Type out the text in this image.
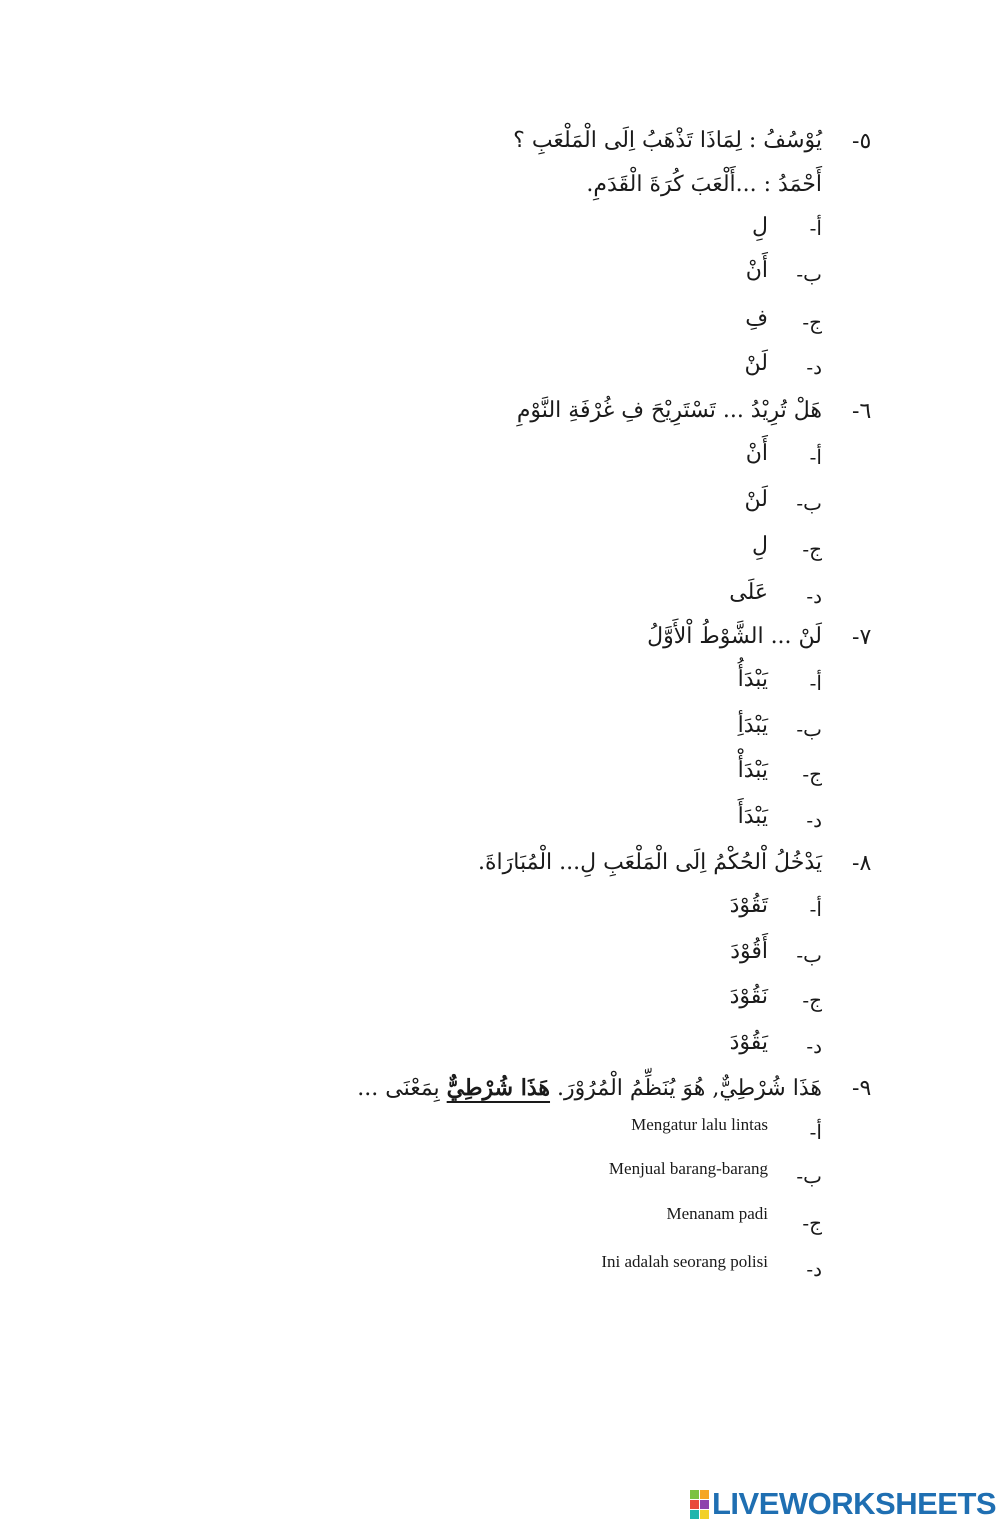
٥-
يُوْسُفُ : لِمَاذَا تَذْهَبُ اِلَى الْمَلْعَبِ ؟
أَحْمَدُ : ...أَلْعَبَ كُرَةَ الْقَدَمِ.
أ-
لِ
ب-
أَنْ
ج-
فِ
د-
لَنْ
٦-
هَلْ تُرِيْدُ ... تَسْتَرِيْحَ فِ غُرْفَةِ النَّوْمِ
أ-
أَنْ
ب-
لَنْ
ج-
لِ
د-
عَلَى
٧-
لَنْ ... الشَّوْطُ اْلأَوَّلُ
أ-
يَبْدَأُ
ب-
يَبْدَأِ
ج-
يَبْدَأْ
د-
يَبْدَأَ
٨-
يَدْخُلُ اْلحُكْمُ اِلَى الْمَلْعَبِ لِ... الْمُبَارَاةَ.
أ-
تَقُوْدَ
ب-
أَقُوْدَ
ج-
نَقُوْدَ
د-
يَقُوْدَ
٩-
هَذَا شُرْطِيٌّ, هُوَ يُنَظِّمُ الْمُرُوْرَ. هَذَا شُرْطِيٌّ بِمَعْنَى ...
أ-
Mengatur lalu lintas
ب-
Menjual barang-barang
ج-
Menanam padi
د-
Ini adalah seorang polisi
LIVEWORKSHEETS
